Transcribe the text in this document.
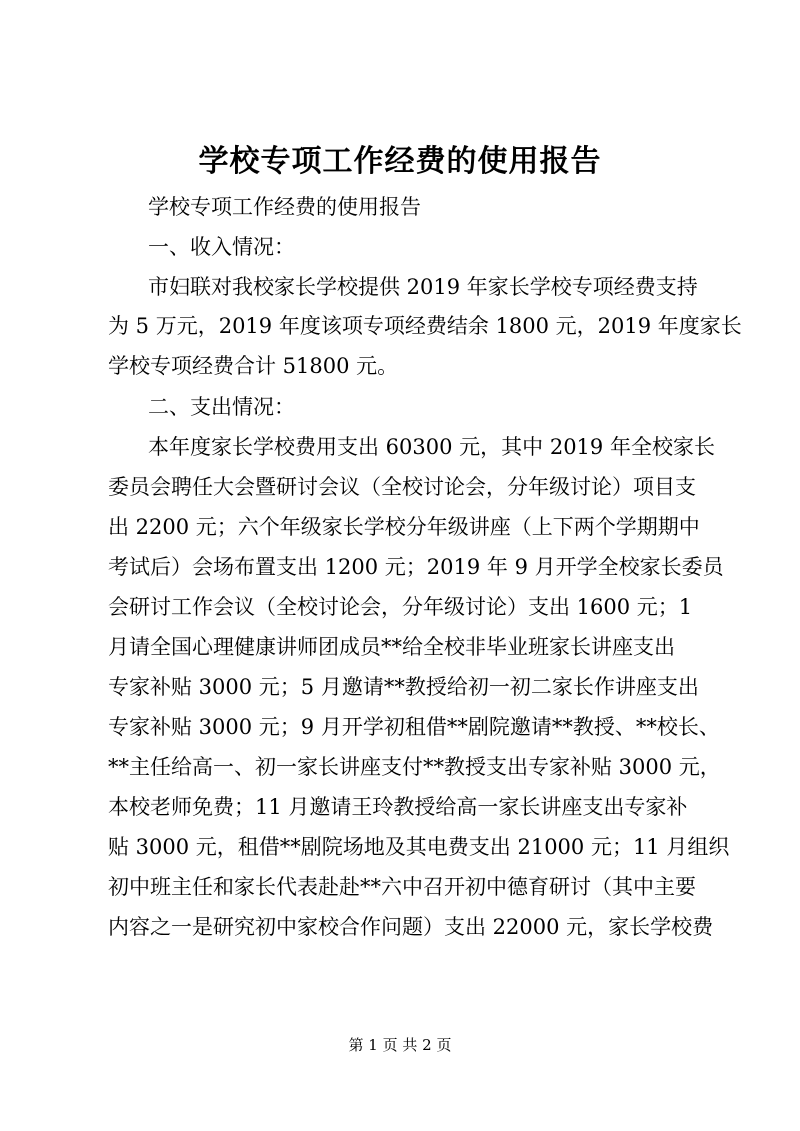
学校专项工作经费的使用报告

学校专项工作经费的使用报告

一、收入情况：

市妇联对我校家长学校提供 2019 年家长学校专项经费支持

为 5 万元，2019 年度该项专项经费结余 1800 元，2019 年度家长

学校专项经费合计 51800 元。

二、支出情况：

本年度家长学校费用支出 60300 元，其中 2019 年全校家长

委员会聘任大会暨研讨会议（全校讨论会，分年级讨论）项目支

出 2200 元；六个年级家长学校分年级讲座（上下两个学期期中

考试后）会场布置支出 1200 元；2019 年 9 月开学全校家长委员

会研讨工作会议（全校讨论会，分年级讨论）支出 1600 元；1

月请全国心理健康讲师团成员**给全校非毕业班家长讲座支出

专家补贴 3000 元；5 月邀请**教授给初一初二家长作讲座支出

专家补贴 3000 元；9 月开学初租借**剧院邀请**教授、**校长、

**主任给高一、初一家长讲座支付**教授支出专家补贴 3000 元，

本校老师免费；11 月邀请王玲教授给高一家长讲座支出专家补

贴 3000 元，租借**剧院场地及其电费支出 21000 元；11 月组织

初中班主任和家长代表赴赴**六中召开初中德育研讨（其中主要

内容之一是研究初中家校合作问题）支出 22000 元，家长学校费

第 1 页 共 2 页
